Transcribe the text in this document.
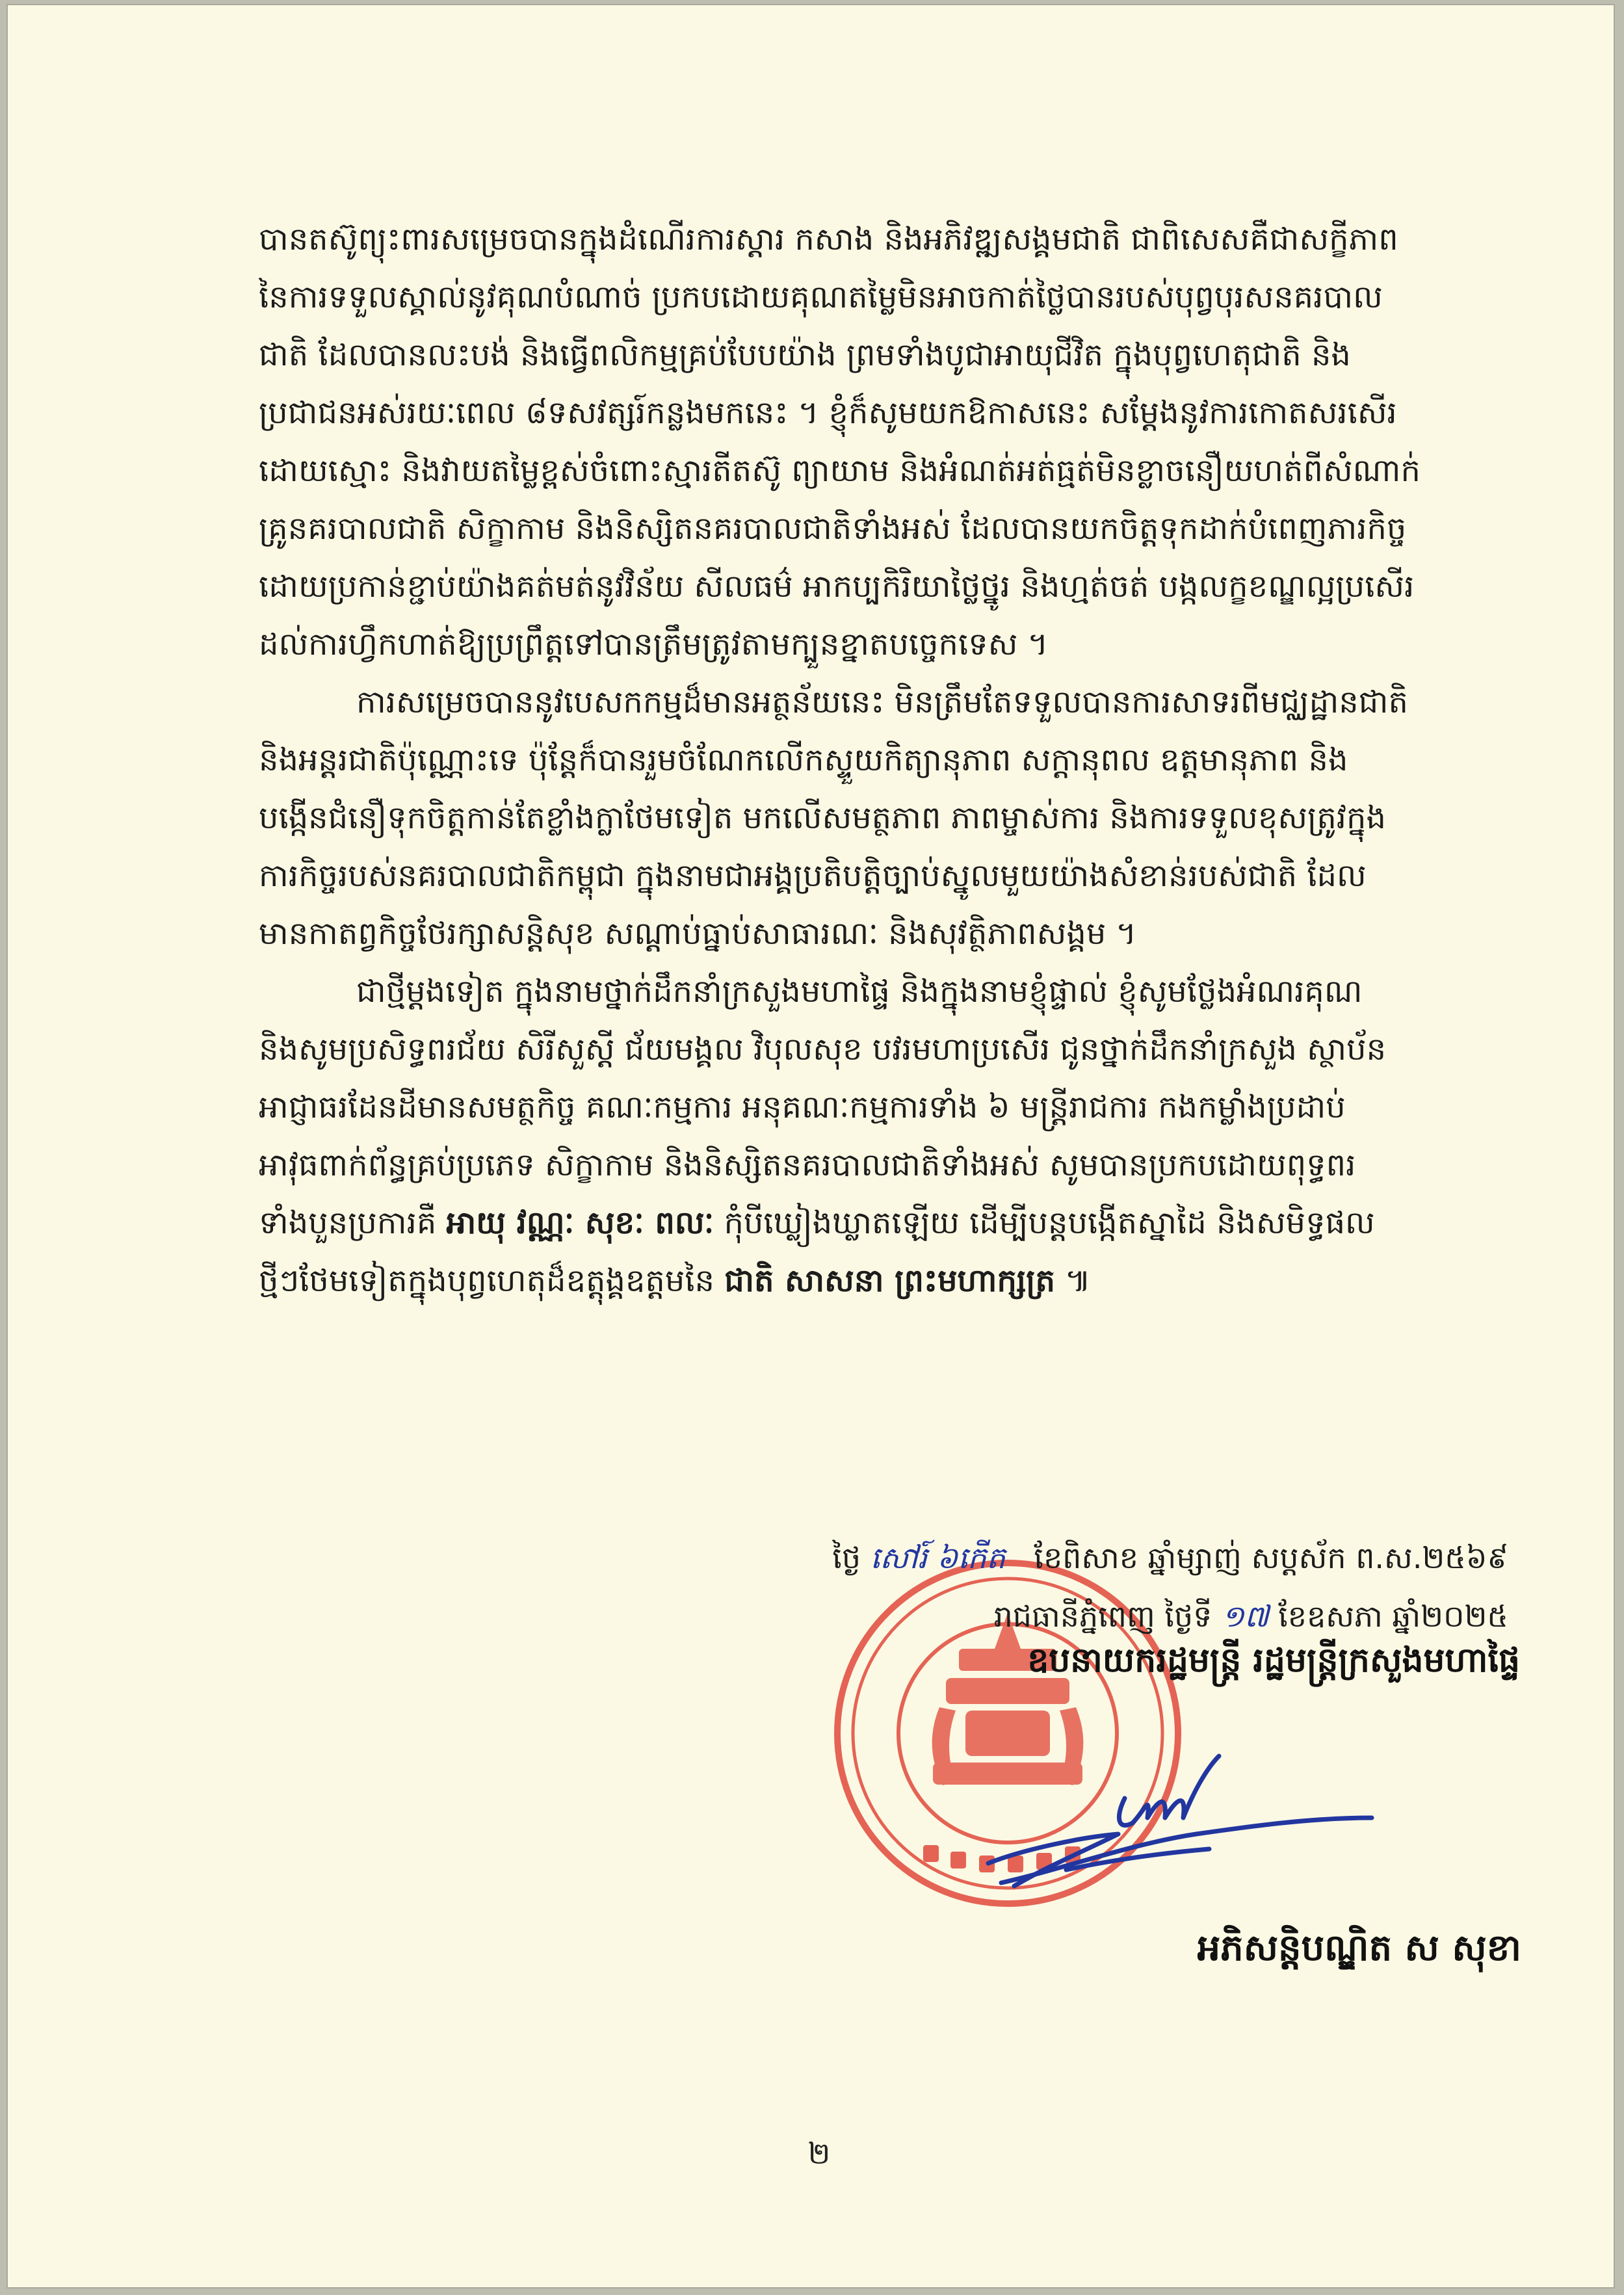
បានតស៊ូព្យុះពារសម្រេចបានក្នុងដំណើរការស្តារ កសាង និងអភិវឌ្ឍសង្គមជាតិ ជាពិសេសគឺជាសក្ខីភាព
នៃការទទួលស្គាល់នូវគុណបំណាច់ ប្រកបដោយគុណតម្លៃមិនអាចកាត់ថ្លៃបានរបស់បុព្វបុរសនគរបាល
ជាតិ ដែលបានលះបង់ និងធ្វើពលិកម្មគ្រប់បែបយ៉ាង ព្រមទាំងបូជាអាយុជីវិត ក្នុងបុព្វហេតុជាតិ និង
ប្រជាជនអស់រយៈពេល ៨ទសវត្សរ៍កន្លងមកនេះ ។ ខ្ញុំក៏សូមយកឱកាសនេះ សម្តែងនូវការកោតសរសើរ
ដោយស្មោះ និងវាយតម្លៃខ្ពស់ចំពោះស្មារតីតស៊ូ ព្យាយាម និងអំណត់អត់ធ្មត់មិនខ្លាចនឿយហត់ពីសំណាក់
គ្រូនគរបាលជាតិ សិក្ខាកាម និងនិស្សិតនគរបាលជាតិទាំងអស់ ដែលបានយកចិត្តទុកដាក់បំពេញភារកិច្ច
ដោយប្រកាន់ខ្ជាប់យ៉ាងគត់មត់នូវវិន័យ សីលធម៌ អាកប្បកិរិយាថ្លៃថ្នូរ និងហ្មត់ចត់ បង្កលក្ខខណ្ឌល្អប្រសើរ
ដល់ការហ្វឹកហាត់ឱ្យប្រព្រឹត្តទៅបានត្រឹមត្រូវតាមក្បួនខ្នាតបច្ចេកទេស ។
ការសម្រេចបាននូវបេសកកម្មដ៏មានអត្ថន័យនេះ មិនត្រឹមតែទទួលបានការសាទរពីមជ្ឈដ្ឋានជាតិ
និងអន្តរជាតិប៉ុណ្ណោះទេ ប៉ុន្តែក៏បានរួមចំណែកលើកស្ទួយកិត្យានុភាព សក្តានុពល ឧត្តមានុភាព និង
បង្កើនជំនឿទុកចិត្តកាន់តែខ្លាំងក្លាថែមទៀត មកលើសមត្ថភាព ភាពម្ចាស់ការ និងការទទួលខុសត្រូវក្នុង
ការកិច្ចរបស់នគរបាលជាតិកម្ពុជា ក្នុងនាមជាអង្គប្រតិបត្តិច្បាប់ស្នូលមួយយ៉ាងសំខាន់របស់ជាតិ ដែល
មានកាតព្វកិច្ចថែរក្សាសន្តិសុខ សណ្តាប់ធ្នាប់សាធារណៈ និងសុវត្ថិភាពសង្គម ។
ជាថ្មីម្តងទៀត ក្នុងនាមថ្នាក់ដឹកនាំក្រសួងមហាផ្ទៃ និងក្នុងនាមខ្ញុំផ្ទាល់ ខ្ញុំសូមថ្លែងអំណរគុណ
និងសូមប្រសិទ្ធពរជ័យ សិរីសួស្តី ជ័យមង្គល វិបុលសុខ បវរមហាប្រសើរ ជូនថ្នាក់ដឹកនាំក្រសួង ស្ថាប័ន
អាជ្ញាធរដែនដីមានសមត្ថកិច្ច គណៈកម្មការ អនុគណៈកម្មការទាំង ៦ មន្ត្រីរាជការ កងកម្លាំងប្រដាប់
អាវុធពាក់ព័ន្ធគ្រប់ប្រភេទ សិក្ខាកាម និងនិស្សិតនគរបាលជាតិទាំងអស់ សូមបានប្រកបដោយពុទ្ធពរ
ទាំងបួនប្រការគឺ អាយុ វណ្ណៈ សុខៈ ពលៈ កុំបីឃ្លៀងឃ្លាតឡើយ ដើម្បីបន្តបង្កើតស្នាដៃ និងសមិទ្ធផល
ថ្មីៗថែមទៀតក្នុងបុព្វហេតុដ៏ឧត្តុង្គឧត្តមនៃ ជាតិ សាសនា ព្រះមហាក្សត្រ ៕
ថ្ងៃ សៅរ៍ ៦កើត ខែពិសាខ ឆ្នាំម្សាញ់ សប្តស័ក ព.ស.២៥៦៩
រាជធានីភ្នំពេញ ថ្ងៃទី ១៧ ខែឧសភា ឆ្នាំ២០២៥
ឧបនាយករដ្ឋមន្ត្រី រដ្ឋមន្ត្រីក្រសួងមហាផ្ទៃ
អភិសន្តិបណ្ឌិត ស សុខា
២
